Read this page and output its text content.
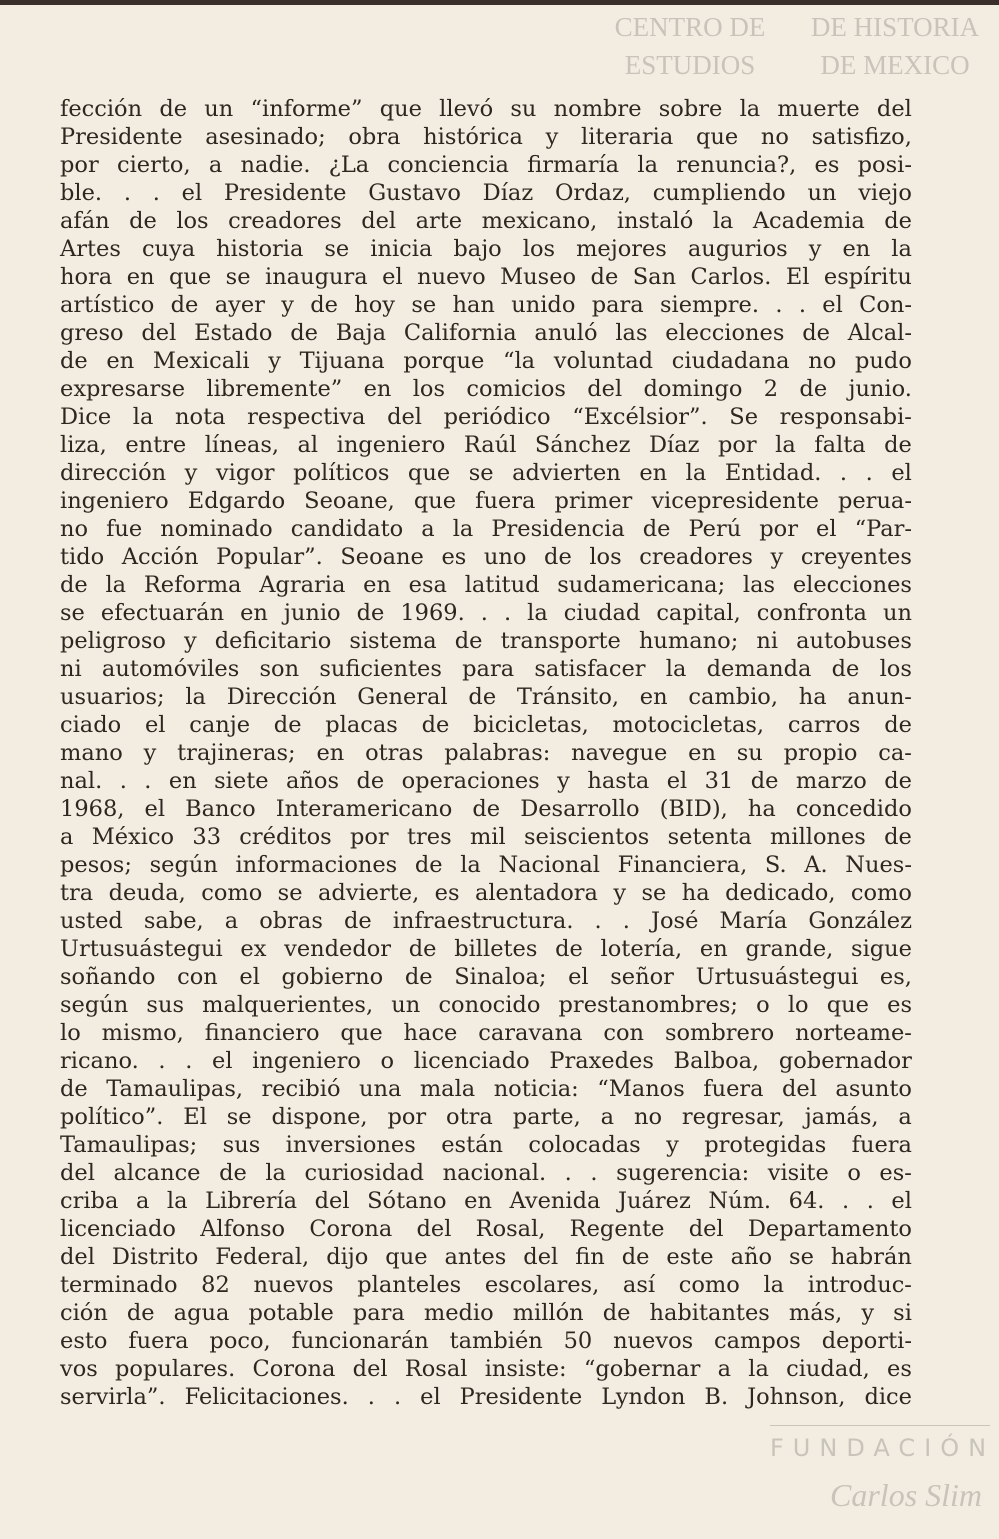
CENTRO DE
ESTUDIOS
DE HISTORIA
DE MEXICO
FUNDACIÓN
Carlos Slim
fección de un “informe” que llevó su nombre sobre la muerte del
Presidente asesinado; obra histórica y literaria que no satisfizo,
por cierto, a nadie. ¿La conciencia firmaría la renuncia?, es posi-
ble. . . el Presidente Gustavo Díaz Ordaz, cumpliendo un viejo
afán de los creadores del arte mexicano, instaló la Academia de
Artes cuya historia se inicia bajo los mejores augurios y en la
hora en que se inaugura el nuevo Museo de San Carlos. El espíritu
artístico de ayer y de hoy se han unido para siempre. . . el Con-
greso del Estado de Baja California anuló las elecciones de Alcal-
de en Mexicali y Tijuana porque “la voluntad ciudadana no pudo
expresarse libremente” en los comicios del domingo 2 de junio.
Dice la nota respectiva del periódico “Excélsior”. Se responsabi-
liza, entre líneas, al ingeniero Raúl Sánchez Díaz por la falta de
dirección y vigor políticos que se advierten en la Entidad. . . el
ingeniero Edgardo Seoane, que fuera primer vicepresidente perua-
no fue nominado candidato a la Presidencia de Perú por el “Par-
tido Acción Popular”. Seoane es uno de los creadores y creyentes
de la Reforma Agraria en esa latitud sudamericana; las elecciones
se efectuarán en junio de 1969. . . la ciudad capital, confronta un
peligroso y deficitario sistema de transporte humano; ni autobuses
ni automóviles son suficientes para satisfacer la demanda de los
usuarios; la Dirección General de Tránsito, en cambio, ha anun-
ciado el canje de placas de bicicletas, motocicletas, carros de
mano y trajineras; en otras palabras: navegue en su propio ca-
nal. . . en siete años de operaciones y hasta el 31 de marzo de
1968, el Banco Interamericano de Desarrollo (BID), ha concedido
a México 33 créditos por tres mil seiscientos setenta millones de
pesos; según informaciones de la Nacional Financiera, S. A. Nues-
tra deuda, como se advierte, es alentadora y se ha dedicado, como
usted sabe, a obras de infraestructura. . . José María González
Urtusuástegui ex vendedor de billetes de lotería, en grande, sigue
soñando con el gobierno de Sinaloa; el señor Urtusuástegui es,
según sus malquerientes, un conocido prestanombres; o lo que es
lo mismo, financiero que hace caravana con sombrero norteame-
ricano. . . el ingeniero o licenciado Praxedes Balboa, gobernador
de Tamaulipas, recibió una mala noticia: “Manos fuera del asunto
político”. El se dispone, por otra parte, a no regresar, jamás, a
Tamaulipas; sus inversiones están colocadas y protegidas fuera
del alcance de la curiosidad nacional. . . sugerencia: visite o es-
criba a la Librería del Sótano en Avenida Juárez Núm. 64. . . el
licenciado Alfonso Corona del Rosal, Regente del Departamento
del Distrito Federal, dijo que antes del fin de este año se habrán
terminado 82 nuevos planteles escolares, así como la introduc-
ción de agua potable para medio millón de habitantes más, y si
esto fuera poco, funcionarán también 50 nuevos campos deporti-
vos populares. Corona del Rosal insiste: “gobernar a la ciudad, es
servirla”. Felicitaciones. . . el Presidente Lyndon B. Johnson, dice
